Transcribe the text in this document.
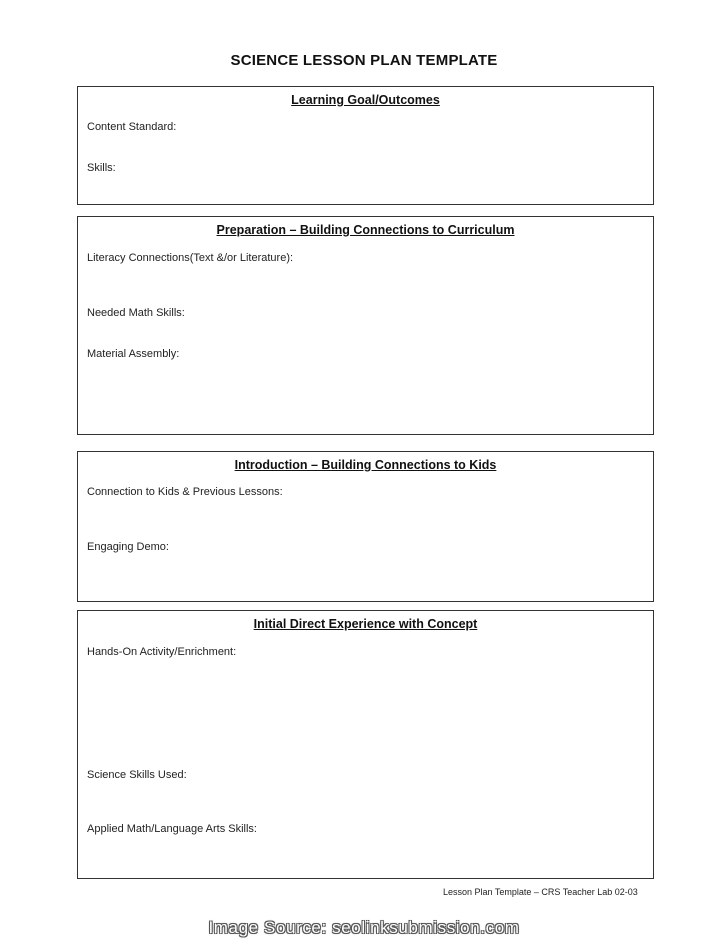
SCIENCE LESSON PLAN TEMPLATE
Learning Goal/Outcomes
Content Standard:
Skills:
Preparation – Building Connections to Curriculum
Literacy Connections(Text &/or Literature):
Needed Math Skills:
Material Assembly:
Introduction – Building Connections to Kids
Connection to Kids & Previous Lessons:
Engaging Demo:
Initial Direct Experience with Concept
Hands-On Activity/Enrichment:
Science Skills Used:
Applied Math/Language Arts Skills:
Lesson Plan Template – CRS Teacher Lab 02-03
Image Source: seolinksubmission.com
